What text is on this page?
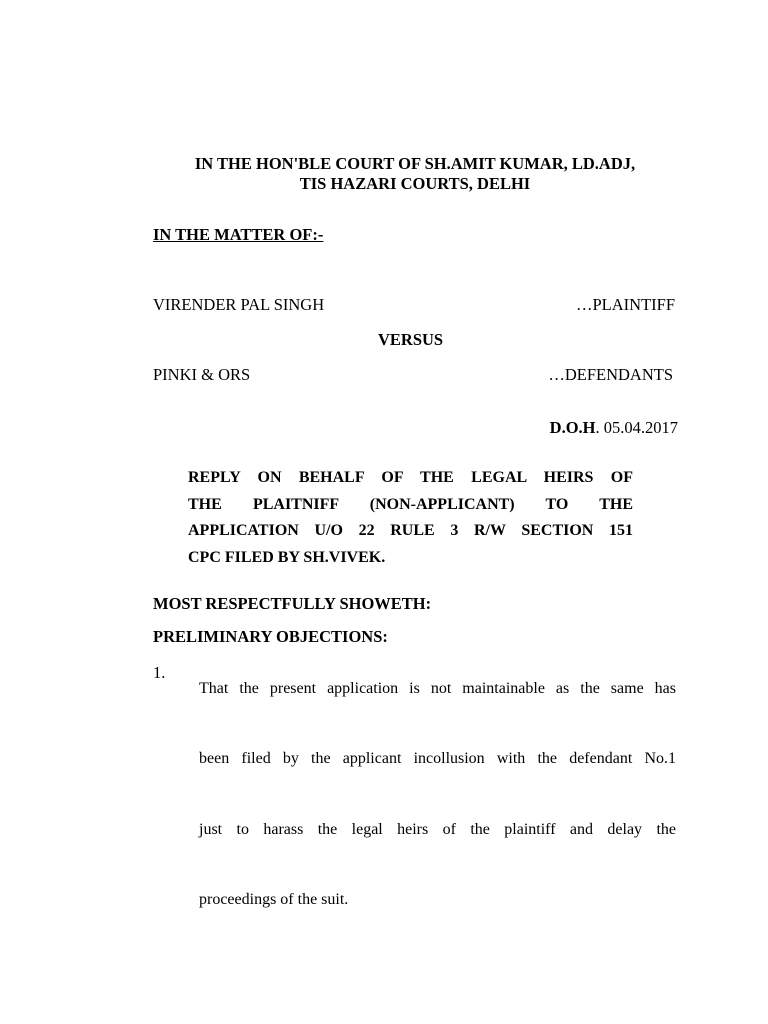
IN THE HON'BLE COURT OF SH.AMIT KUMAR, LD.ADJ,
TIS HAZARI COURTS, DELHI
IN THE MATTER OF:-
VIRENDER PAL SINGH	…PLAINTIFF
VERSUS
PINKI & ORS	…DEFENDANTS
D.O.H. 05.04.2017
REPLY ON BEHALF OF THE LEGAL HEIRS OF
THE PLAITNIFF (NON-APPLICANT) TO THE
APPLICATION U/O 22 RULE 3 R/W SECTION 151
CPC FILED BY SH.VIVEK.
MOST RESPECTFULLY SHOWETH:
PRELIMINARY OBJECTIONS:
1.
That the present application is not maintainable as the same has
been filed by the applicant incollusion with the defendant No.1
just to harass the legal heirs of the plaintiff and delay the
proceedings of the suit.
